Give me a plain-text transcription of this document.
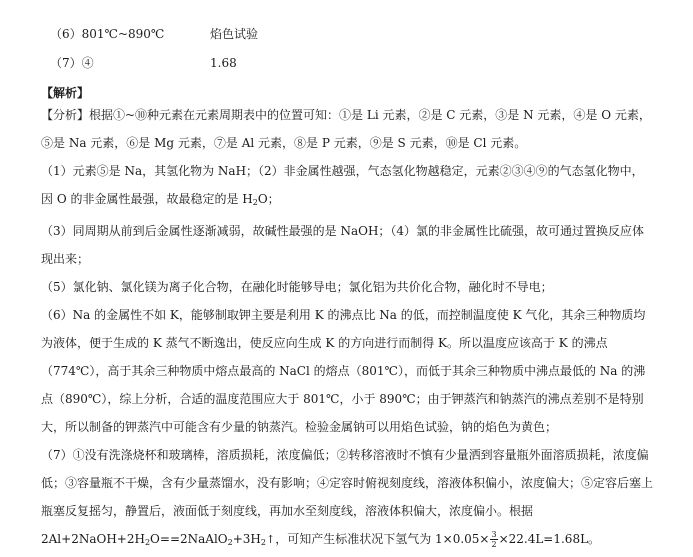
（6）801℃~890℃	焰色试验
（7）④	1.68
【解析】

【分析】根据①~⑩种元素在元素周期表中的位置可知：①是 Li 元素，②是 C 元素，③是 N 元素，④是 O 元素，⑤是 Na 元素，⑥是 Mg 元素，⑦是 Al 元素，⑧是 P 元素，⑨是 S 元素，⑩是 Cl 元素。

（1）元素⑤是 Na，其氢化物为 NaH；（2）非金属性越强，气态氢化物越稳定，元素②③④⑨的气态氢化物中，因 O 的非金属性最强，故最稳定的是 $H_2O$；

（3）同周期从前到后金属性逐渐减弱，故碱性最强的是 NaOH；（4）氯的非金属性比硫强，故可通过置换反应体现出来；

（5）氯化钠、氯化镁为离子化合物，在融化时能够导电；氯化铝为共价化合物，融化时不导电；

（6）Na 的金属性不如 K，能够制取钾主要是利用 K 的沸点比 Na 的低，而控制温度使 K 气化，其余三种物质均为液体，便于生成的 K 蒸气不断逸出，使反应向生成 K 的方向进行而制得 K。所以温度应该高于 K 的沸点（774℃），高于其余三种物质中熔点最高的 NaCl 的熔点（801℃），而低于其余三种物质中沸点最低的 Na 的沸点（890℃），综上分析，合适的温度范围应大于 801℃，小于 890℃；由于钾蒸汽和钠蒸汽的沸点差别不是特别大，所以制备的钾蒸汽中可能含有少量的钠蒸汽。检验金属钠可以用焰色试验，钠的焰色为黄色；

（7）①没有洗涤烧杯和玻璃棒，溶质损耗，浓度偏低；②转移溶液时不慎有少量洒到容量瓶外面溶质损耗，浓度偏低；③容量瓶不干燥，含有少量蒸馏水，没有影响；④定容时俯视刻度线，溶液体积偏小，浓度偏大；⑤定容后塞上瓶塞反复摇匀，静置后，液面低于刻度线，再加水至刻度线，溶液体积偏大，浓度偏小。根据

$2Al+2NaOH+2H_2O==2NaAlO_2+3H_2↑$，可知产生标准状况下氢气为 $1\times 0.05\times \frac{3}{2} \times 22.4L=1.68L$。
